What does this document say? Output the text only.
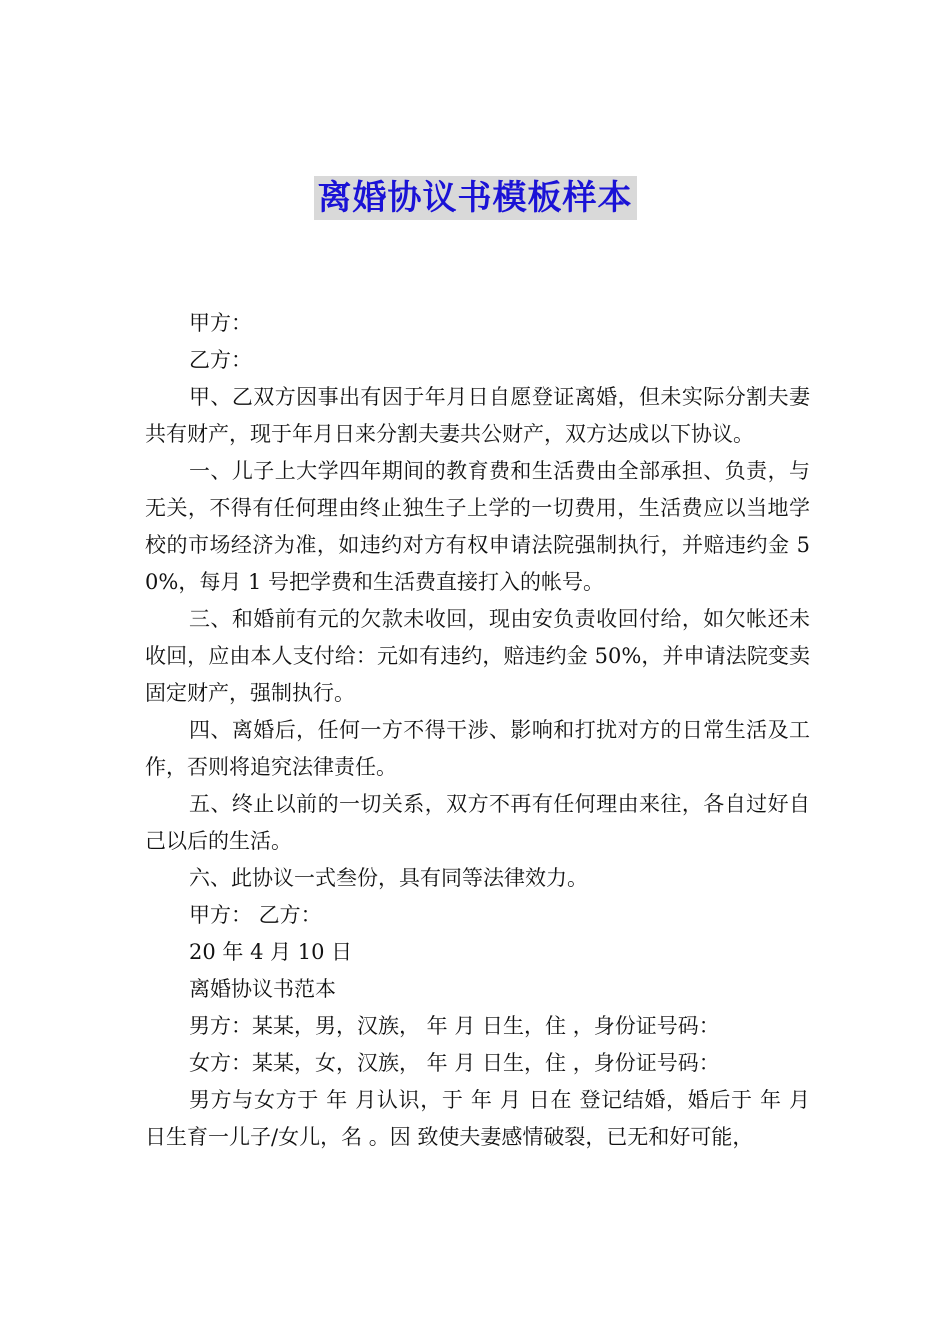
离婚协议书模板样本

甲方：

乙方：

甲、乙双方因事出有因于年月日自愿登证离婚，但未实际分割夫妻共有财产，现于年月日来分割夫妻共公财产，双方达成以下协议。

一、儿子上大学四年期间的教育费和生活费由全部承担、负责，与无关，不得有任何理由终止独生子上学的一切费用，生活费应以当地学校的市场经济为准，如违约对方有权申请法院强制执行，并赔违约金 50%，每月 1 号把学费和生活费直接打入的帐号。

三、和婚前有元的欠款未收回，现由安负责收回付给，如欠帐还未收回，应由本人支付给：元如有违约，赔违约金 50%，并申请法院变卖固定财产，强制执行。

四、离婚后，任何一方不得干涉、影响和打扰对方的日常生活及工作，否则将追究法律责任。

五、终止以前的一切关系，双方不再有任何理由来往，各自过好自己以后的生活。

六、此协议一式叁份，具有同等法律效力。

甲方： 乙方：

20 年 4 月 10 日

离婚协议书范本

男方：某某，男，汉族， 年 月 日生，住 ，身份证号码：

女方：某某，女，汉族， 年 月 日生，住 ，身份证号码：

男方与女方于 年 月认识，于 年 月 日在 登记结婚，婚后于 年 月 日生育一儿子/女儿，名 。因 致使夫妻感情破裂，已无和好可能，
